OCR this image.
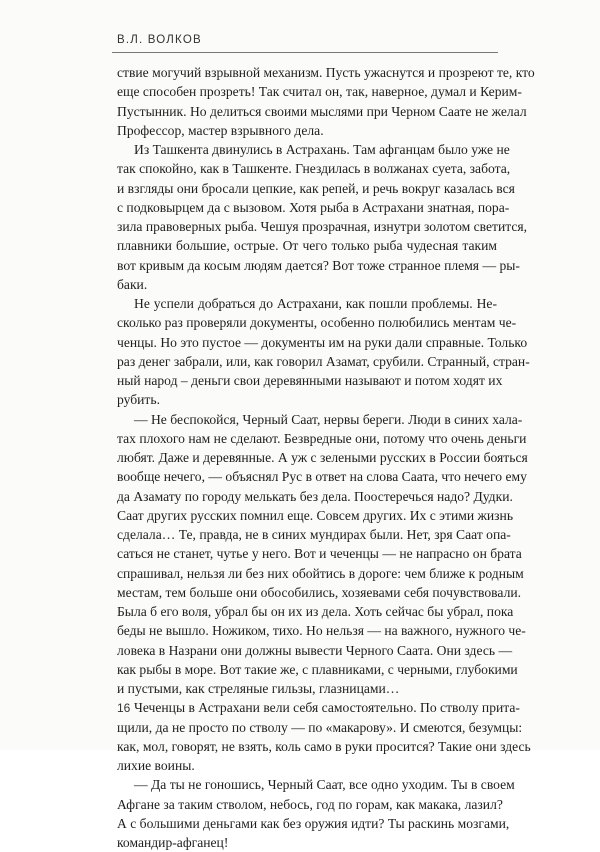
В.Л. ВОЛКОВ
ствие могучий взрывной механизм. Пусть ужаснутся и прозреют те, кто
еще способен прозреть! Так считал он, так, наверное, думал и Керим-
Пустынник. Но делиться своими мыслями при Черном Саате не желал
Профессор, мастер взрывного дела.
Из Ташкента двинулись в Астрахань. Там афганцам было уже не
так спокойно, как в Ташкенте. Гнездилась в волжанах суета, забота,
и взгляды они бросали цепкие, как репей, и речь вокруг казалась вся
с подковырцем да с вызовом. Хотя рыба в Астрахани знатная, пора-
зила правоверных рыба. Чешуя прозрачная, изнутри золотом светится,
плавники большие, острые. От чего только рыба чудесная таким
вот кривым да косым людям дается? Вот тоже странное племя — ры-
баки.
Не успели добраться до Астрахани, как пошли проблемы. Не-
сколько раз проверяли документы, особенно полюбились ментам че-
ченцы. Но это пустое — документы им на руки дали справные. Только
раз денег забрали, или, как говорил Азамат, срубили. Странный, стран-
ный народ – деньги свои деревянными называют и потом ходят их
рубить.
— Не беспокойся, Черный Саат, нервы береги. Люди в синих хала-
тах плохого нам не сделают. Безвредные они, потому что очень деньги
любят. Даже и деревянные. А уж с зелеными русских в России бояться
вообще нечего, — объяснял Рус в ответ на слова Саата, что нечего ему
да Азамату по городу мелькать без дела. Поостеречься надо? Дудки.
Саат других русских помнил еще. Совсем других. Их с этими жизнь
сделала… Те, правда, не в синих мундирах были. Нет, зря Саат опа-
саться не станет, чутье у него. Вот и чеченцы — не напрасно он брата
спрашивал, нельзя ли без них обойтись в дороге: чем ближе к родным
местам, тем больше они обособились, хозяевами себя почувствовали.
Была б его воля, убрал бы он их из дела. Хоть сейчас бы убрал, пока
беды не вышло. Ножиком, тихо. Но нельзя — на важного, нужного че-
ловека в Назрани они должны вывести Черного Саата. Они здесь —
как рыбы в море. Вот такие же, с плавниками, с черными, глубокими
и пустыми, как стреляные гильзы, глазницами…
Чеченцы в Астрахани вели себя самостоятельно. По стволу прита-
щили, да не просто по стволу — по «макарову». И смеются, безумцы:
как, мол, говорят, не взять, коль само в руки просится? Такие они здесь
лихие воины.
— Да ты не гоношись, Черный Саат, все одно уходим. Ты в своем
Афгане за таким стволом, небось, год по горам, как макака, лазил?
А с большими деньгами как без оружия идти? Ты раскинь мозгами,
командир-афганец!
16
